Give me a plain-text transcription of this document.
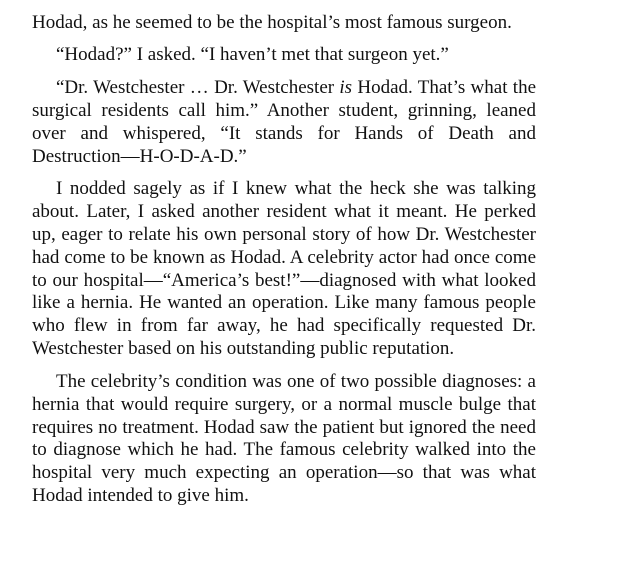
Hodad, as he seemed to be the hospital’s most famous surgeon.

“Hodad?” I asked. “I haven’t met that surgeon yet.”

“Dr. Westchester … Dr. Westchester is Hodad. That’s what the surgical residents call him.” Another student, grinning, leaned over and whispered, “It stands for Hands of Death and Destruction—H-O-D-A-D.”

I nodded sagely as if I knew what the heck she was talking about. Later, I asked another resident what it meant. He perked up, eager to relate his own personal story of how Dr. Westchester had come to be known as Hodad. A celebrity actor had once come to our hospital—“America’s best!”—diagnosed with what looked like a hernia. He wanted an operation. Like many famous people who flew in from far away, he had specifically requested Dr. Westchester based on his outstanding public reputation.

The celebrity’s condition was one of two possible diagnoses: a hernia that would require surgery, or a normal muscle bulge that requires no treatment. Hodad saw the patient but ignored the need to diagnose which he had. The famous celebrity walked into the hospital very much expecting an operation—so that was what Hodad intended to give him.
